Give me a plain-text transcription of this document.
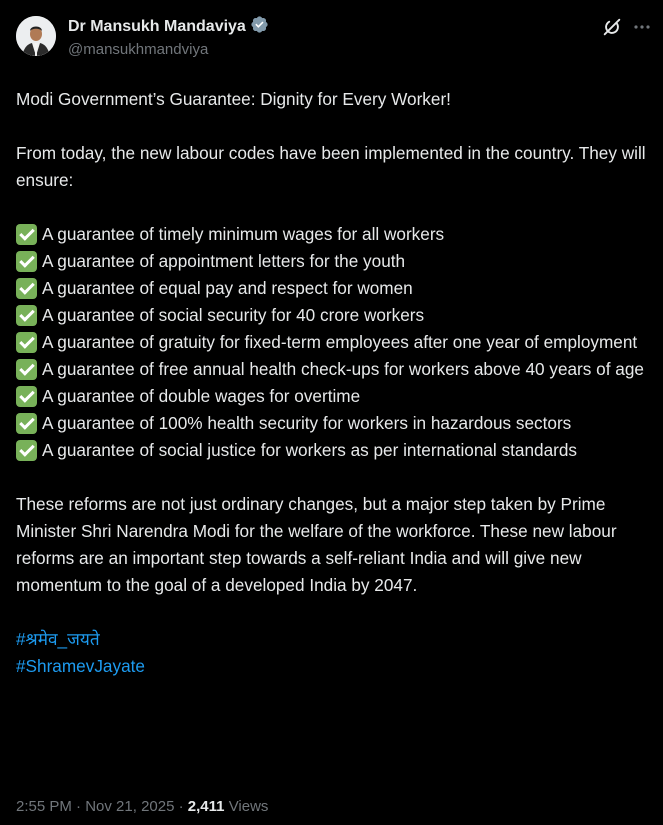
Dr Mansukh Mandaviya
@mansukhmandviya

Modi Government’s Guarantee: Dignity for Every Worker!

From today, the new labour codes have been implemented in the country. They will ensure:

A guarantee of timely minimum wages for all workers
A guarantee of appointment letters for the youth
A guarantee of equal pay and respect for women
A guarantee of social security for 40 crore workers
A guarantee of gratuity for fixed-term employees after one year of employment
A guarantee of free annual health check-ups for workers above 40 years of age
A guarantee of double wages for overtime
A guarantee of 100% health security for workers in hazardous sectors
A guarantee of social justice for workers as per international standards

These reforms are not just ordinary changes, but a major step taken by Prime Minister Shri Narendra Modi for the welfare of the workforce. These new labour reforms are an important step towards a self-reliant India and will give new momentum to the goal of a developed India by 2047.

#श्रमेव_जयते

#ShramevJayate

2:55 PM · Nov 21, 2025 · 2,411 Views
